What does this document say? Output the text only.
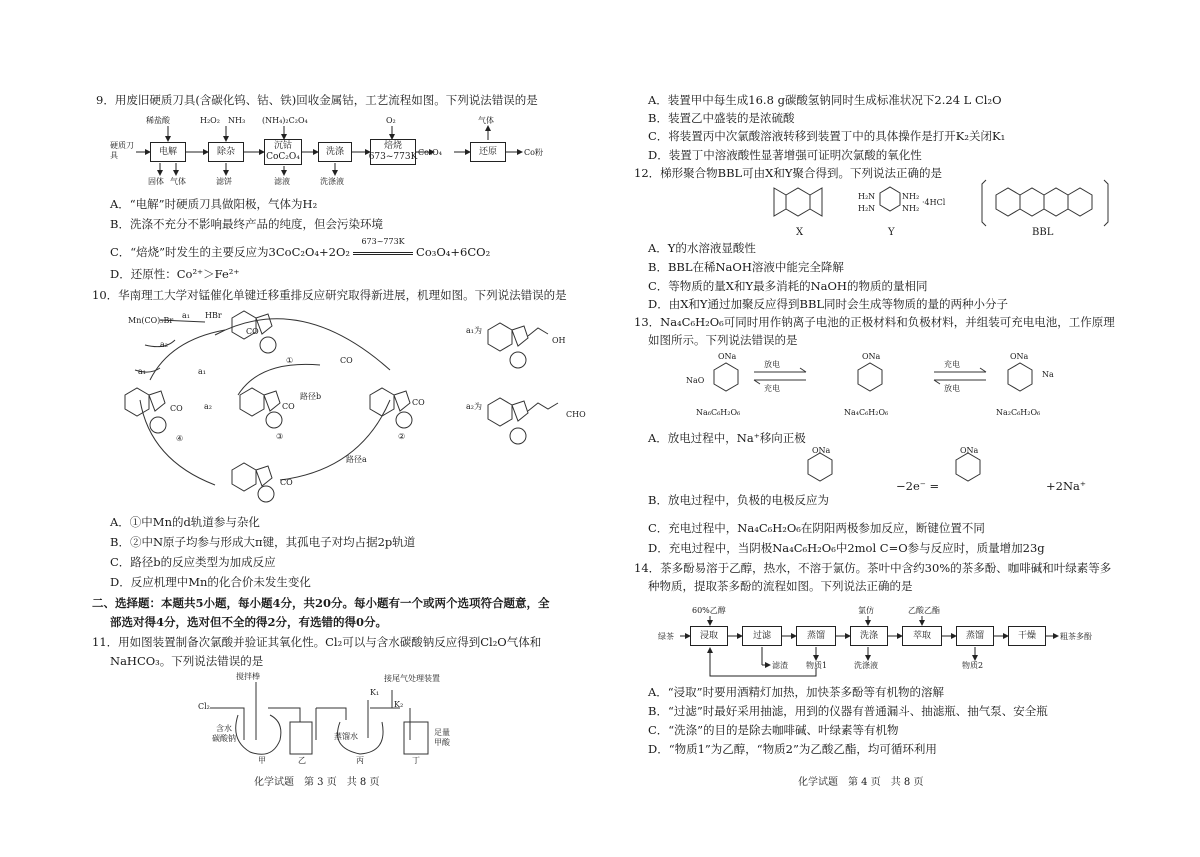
9．用废旧硬质刀具(含碳化钨、钴、铁)回收金属钴，工艺流程如图。下列说法错误的是
稀盐酸	H₂O₂ NH₃ (NH₄)₂C₂O₄	O₂	气体
硬质刀具	电解	除杂
沉钴
CoC₂O₄
洗涤
焙烧
673~773K Co₃O₄	还原	Co粉
固体 气体	滤饼	滤液	洗涤液
A．“电解”时硬质刀具做阳极，气体为H₂
B．洗涤不充分不影响最终产品的纯度，但会污染环境
C．“焙烧”时发生的主要反应为3CoC₂O₄+2O₂
673~773K
Co₃O₄+6CO₂
D．还原性：Co²⁺＞Fe²⁺
10．华南理工大学对锰催化单键迁移重排反应研究取得新进展，机理如图。下列说法错误的是
Mn(CO)₅Br
HBr
a₁
a₂
a₁	a₁
a₂
a₁为
a₂为
OH
CHO
路径b
路径a
CO
CO
CO
CO
CO
CO
①
②
③
④
A．①中Mn的d轨道参与杂化
B．②中N原子均参与形成大π键，其孤电子对均占据2p轨道
C．路径b的反应类型为加成反应
D．反应机理中Mn的化合价未发生变化
二、选择题：本题共5小题，每小题4分，共20分。每小题有一个或两个选项符合题意，全
部选对得4分，选对但不全的得2分，有选错的得0分。
11．用如图装置制备次氯酸并验证其氧化性。Cl₂可以与含水碳酸钠反应得到Cl₂O气体和
NaHCO₃。下列说法错误的是
搅拌棒
Cl₂
含水
碳酸钠
接尾气处理装置
K₁
K₂
蒸馏水	足量
甲酸
甲	乙	丙	丁
化学试题　第 3 页　共 8 页
A．装置甲中每生成16.8 g碳酸氢钠同时生成标准状况下2.24 L Cl₂O
B．装置乙中盛装的是浓硫酸
C．将装置丙中次氯酸溶液转移到装置丁中的具体操作是打开K₂关闭K₁
D．装置丁中溶液酸性显著增强可证明次氯酸的氧化性
12．梯形聚合物BBL可由X和Y聚合得到。下列说法正确的是
H₂N	NH₂
H₂N	NH₂
·4HCl
X	Y	BBL
A．Y的水溶液显酸性
B．BBL在稀NaOH溶液中能完全降解
C．等物质的量X和Y最多消耗的NaOH的物质的量相同
D．由X和Y通过加聚反应得到BBL同时会生成等物质的量的两种小分子
13．Na₄C₆H₂O₆可同时用作钠离子电池的正极材料和负极材料，并组装可充电电池，工作原理
如图所示。下列说法错误的是
ONa
NaO
ONa	ONa
Na
放电
充电
充电
放电
Na₆C₆H₂O₆	Na₄C₆H₂O₆	Na₂C₆H₂O₆
A．放电过程中，Na⁺移向正极
B．放电过程中，负极的电极反应为
−2e⁻ =	+2Na⁺
ONa	ONa
C．充电过程中，Na₄C₆H₂O₆在阴阳两极参加反应，断键位置不同
D．充电过程中，当阴极Na₄C₆H₂O₆中2mol C=O参与反应时，质量增加23g
14．茶多酚易溶于乙醇，热水，不溶于氯仿。茶叶中含约30%的茶多酚、咖啡碱和叶绿素等多
种物质，提取茶多酚的流程如图。下列说法正确的是
60%乙醇	氯仿	乙酸乙酯
绿茶	浸取	过滤	蒸馏	洗涤	萃取	蒸馏	干燥	粗茶多酚
滤渣 物质1	洗涤液	物质2
A．“浸取”时要用酒精灯加热，加快茶多酚等有机物的溶解
B．“过滤”时最好采用抽滤，用到的仪器有普通漏斗、抽滤瓶、抽气泵、安全瓶
C．“洗涤”的目的是除去咖啡碱、叶绿素等有机物
D．“物质1”为乙醇，“物质2”为乙酸乙酯，均可循环利用
化学试题　第 4 页　共 8 页
